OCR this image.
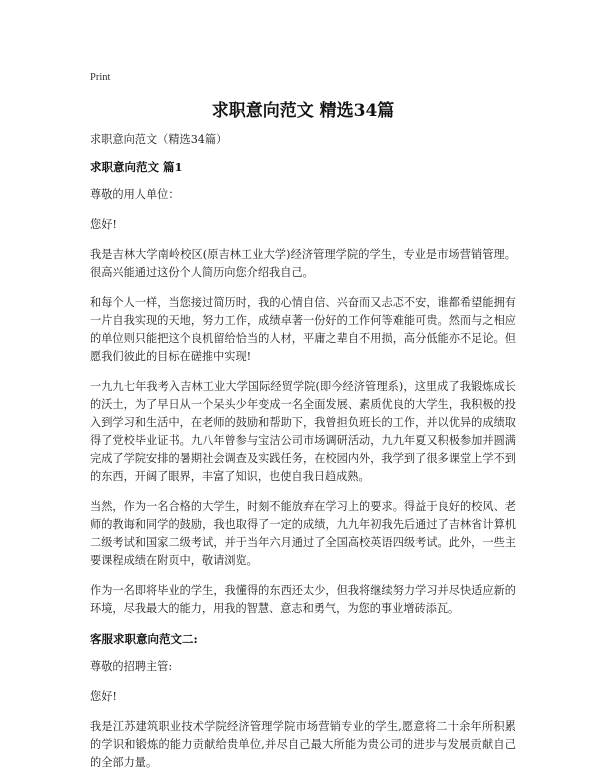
Print
求职意向范文 精选34篇

求职意向范文（精选34篇）

求职意向范文 篇1

尊敬的用人单位：

您好!

我是吉林大学南岭校区(原吉林工业大学)经济管理学院的学生，专业是市场营销管理。很高兴能通过这份个人简历向您介绍我自己。

和每个人一样，当您接过简历时，我的心情自信、兴奋而又忐忑不安，谁都希望能拥有一片自我实现的天地，努力工作，成绩卓著一份好的工作何等难能可贵。然而与之相应的单位则只能把这个良机留给恰当的人材，平庸之辈自不用损，高分低能亦不足论。但愿我们彼此的目标在磋推中实现!

一九九七年我考入吉林工业大学国际经贸学院(即今经济管理系)，这里成了我锻炼成长的沃土，为了早日从一个呆头少年变成一名全面发展、素质优良的大学生，我积极的投入到学习和生活中，在老师的鼓励和帮助下，我曾担负班长的工作，并以优异的成绩取得了党校毕业证书。九八年曾参与宝洁公司市场调研活动，九九年夏又积极参加并圆满完成了学院安排的暑期社会调查及实践任务，在校园内外，我学到了很多课堂上学不到的东西，开阔了眼界，丰富了知识，也使自我日趋成熟。

当然，作为一名合格的大学生，时刻不能放弃在学习上的要求。得益于良好的校风、老师的教诲和同学的鼓励，我也取得了一定的成绩，九九年初我先后通过了吉林省计算机二级考试和国家二级考试，并于当年六月通过了全国高校英语四级考试。此外，一些主要课程成绩在附页中，敬请浏览。

作为一名即将毕业的学生，我懂得的东西还太少，但我将继续努力学习并尽快适应新的环境，尽我最大的能力，用我的智慧、意志和勇气，为您的事业增砖添瓦。

客服求职意向范文二:

尊敬的招聘主管:

您好!

我是江苏建筑职业技术学院经济管理学院市场营销专业的学生,愿意将二十余年所积累的学识和锻炼的能力贡献给贵单位,并尽自己最大所能为贵公司的进步与发展贡献自己的全部力量。
